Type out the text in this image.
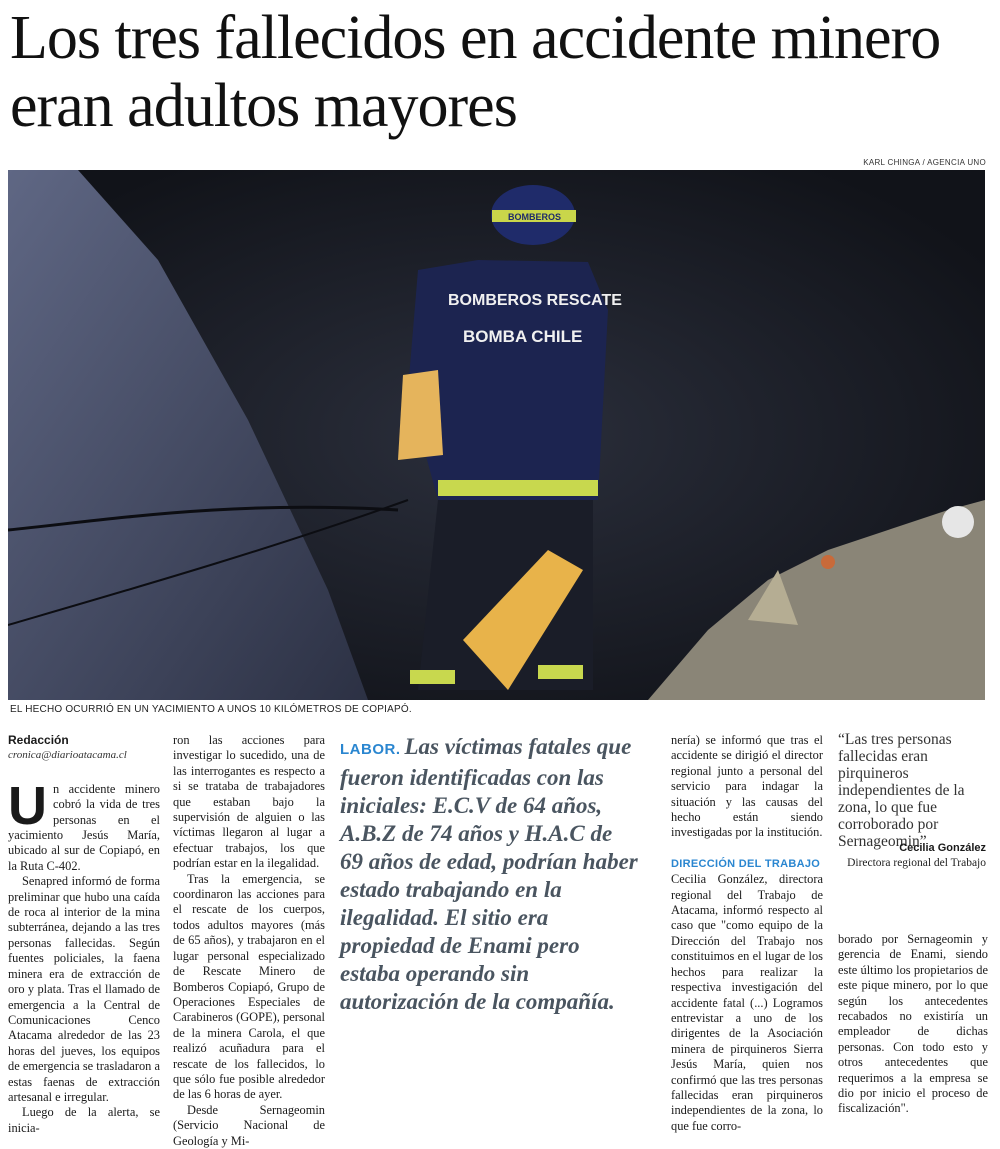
Los tres fallecidos en accidente minero eran adultos mayores
KARL CHINGA / AGENCIA UNO
BOMBEROS RESCATE
BOMBA CHILE
BOMBEROS
EL HECHO OCURRIÓ EN UN YACIMIENTO A UNOS 10 KILÓMETROS DE COPIAPÓ.
Redacción
cronica@diarioatacama.cl

Un accidente minero cobró la vida de tres personas en el yacimiento Jesús María, ubicado al sur de Copiapó, en la Ruta C-402.

Senapred informó de forma preliminar que hubo una caída de roca al interior de la mina subterránea, dejando a las tres personas fallecidas. Según fuentes policiales, la faena minera era de extracción de oro y plata. Tras el llamado de emergencia a la Central de Comunicaciones Cenco Atacama alrededor de las 23 horas del jueves, los equipos de emergencia se trasladaron a estas faenas de extracción artesanal e irregular.

Luego de la alerta, se inicia-

ron las acciones para investigar lo sucedido, una de las interrogantes es respecto a si se trataba de trabajadores que estaban bajo la supervisión de alguien o las víctimas llegaron al lugar a efectuar trabajos, los que podrían estar en la ilegalidad.

Tras la emergencia, se coordinaron las acciones para el rescate de los cuerpos, todos adultos mayores (más de 65 años), y trabajaron en el lugar personal especializado de Rescate Minero de Bomberos Copiapó, Grupo de Operaciones Especiales de Carabineros (GOPE), personal de la minera Carola, el que realizó acuñadura para el rescate de los fallecidos, lo que sólo fue posible alrededor de las 6 horas de ayer.

Desde Sernageomin (Servicio Nacional de Geología y Mi-

LABOR. Las víctimas fatales que fueron identificadas con las iniciales: E.C.V de 64 años, A.B.Z de 74 años y H.A.C de 69 años de edad, podrían haber estado trabajando en la ilegalidad. El sitio era propiedad de Enami pero estaba operando sin autorización de la compañía.

nería) se informó que tras el accidente se dirigió el director regional junto a personal del servicio para indagar la situación y las causas del hecho están siendo investigadas por la institución.

DIRECCIÓN DEL TRABAJO

Cecilia González, directora regional del Trabajo de Atacama, informó respecto al caso que "como equipo de la Dirección del Trabajo nos constituimos en el lugar de los hechos para realizar la respectiva investigación del accidente fatal (...) Logramos entrevistar a uno de los dirigentes de la Asociación minera de pirquineros Sierra Jesús María, quien nos confirmó que las tres personas fallecidas eran pirquineros independientes de la zona, lo que fue corro-

“Las tres personas fallecidas eran pirquineros independientes de la zona, lo que fue corroborado por Sernageomin”
Cecilia González
Directora regional del Trabajo

borado por Sernageomin y gerencia de Enami, siendo este último los propietarios de este pique minero, por lo que según los antecedentes recabados no existiría un empleador de dichas personas. Con todo esto y otros antecedentes que requerimos a la empresa se dio por inicio el proceso de fiscalización".
